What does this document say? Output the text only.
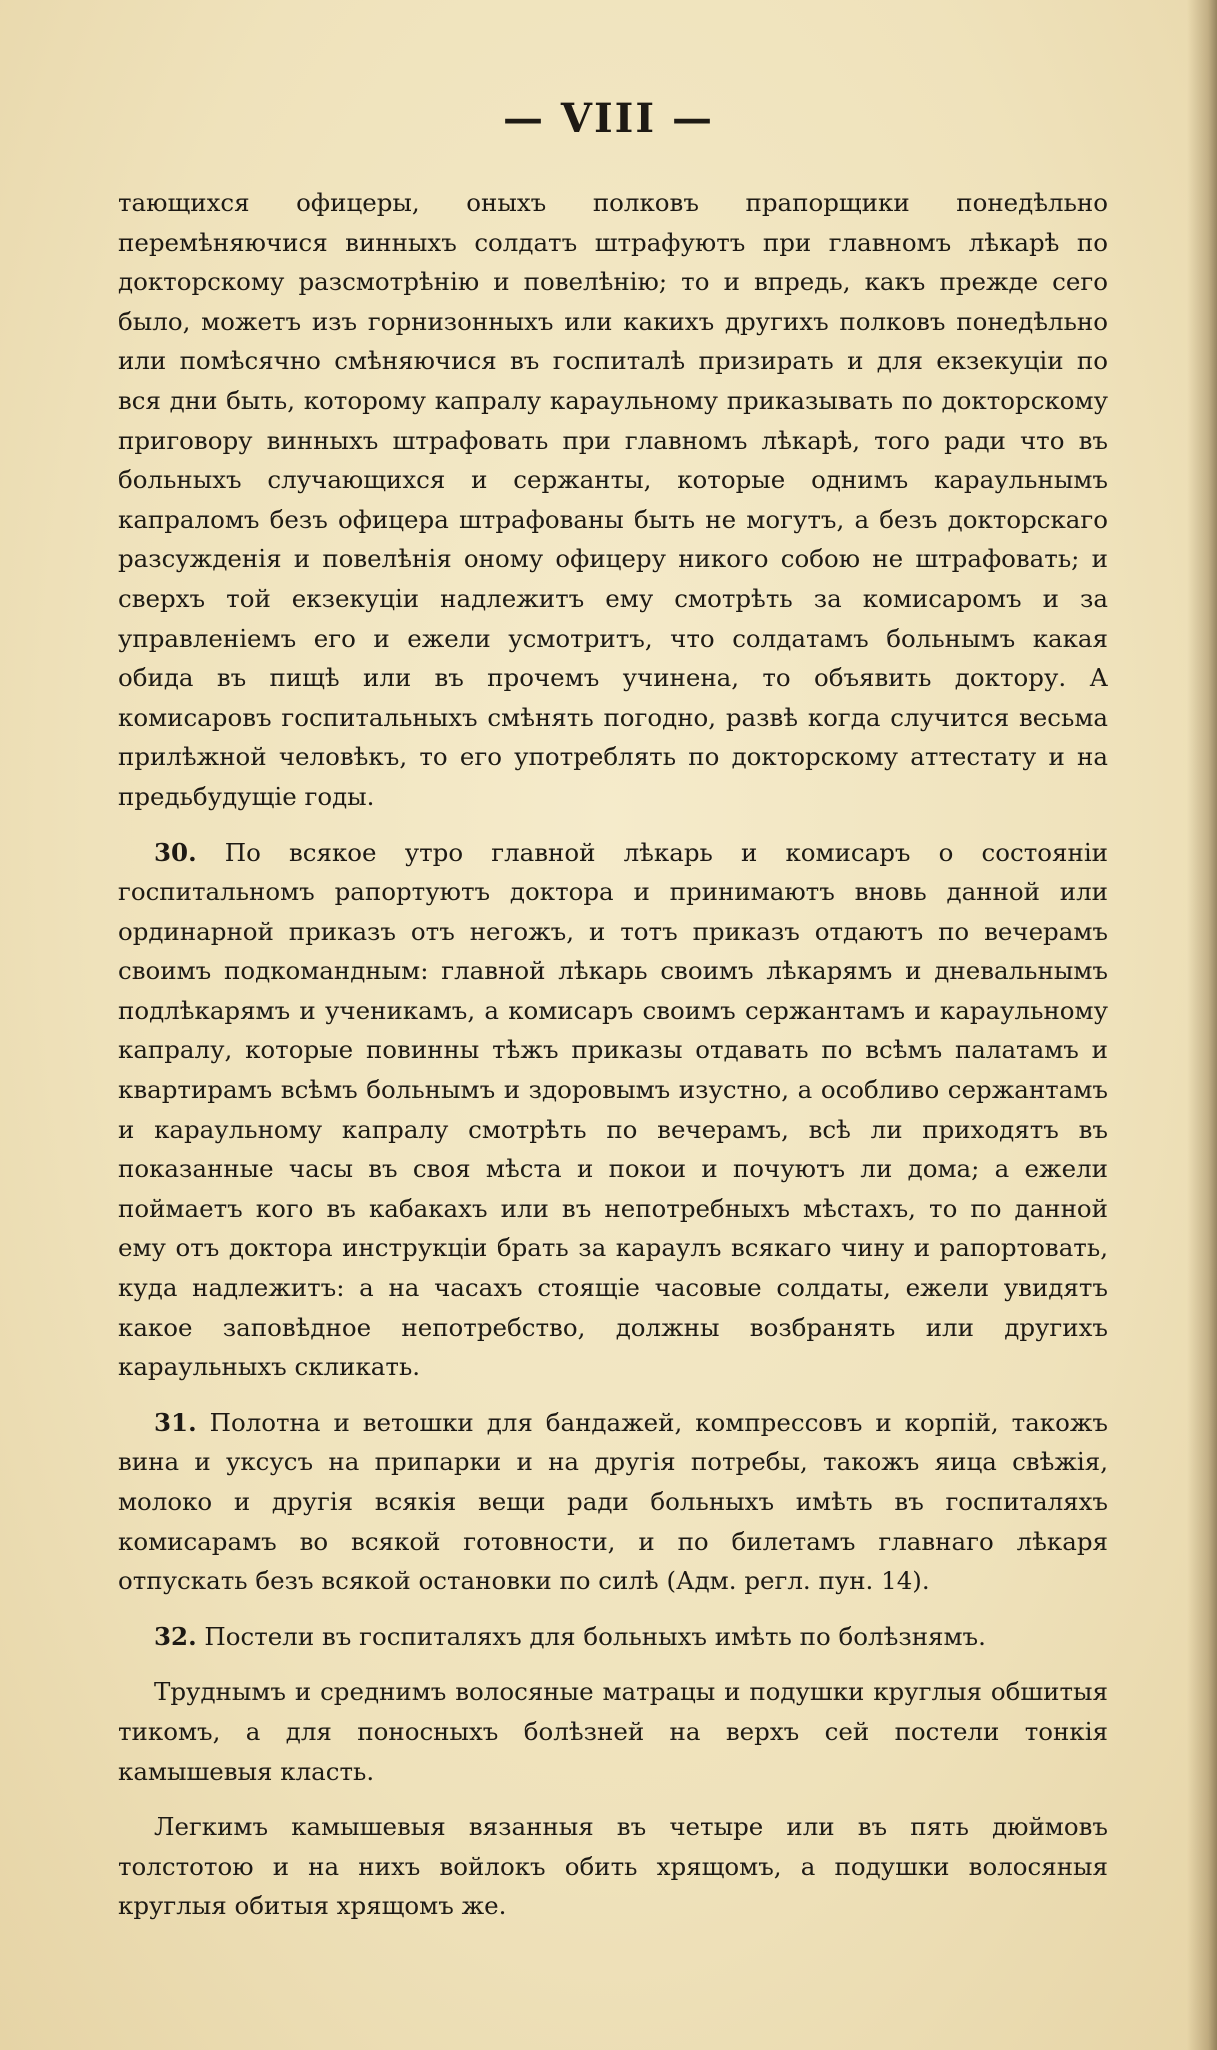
— VIII —

тающихся офицеры, оныхъ полковъ прапорщики понедѣльно перемѣняючися винныхъ солдатъ штрафуютъ при главномъ лѣкарѣ по докторскому разсмотрѣнію и повелѣнію; то и впредь, какъ прежде сего было, можетъ изъ горнизонныхъ или какихъ другихъ полковъ понедѣльно или помѣсячно смѣняючися въ госпиталѣ призирать и для екзекуціи по вся дни быть, которому капралу караульному приказывать по докторскому приговору винныхъ штрафовать при главномъ лѣкарѣ, того ради что въ больныхъ случающихся и сержанты, которые однимъ караульнымъ капраломъ безъ офицера штрафованы быть не могутъ, а безъ докторскаго разсужденія и повелѣнія оному офицеру никого собою не штрафовать; и сверхъ той екзекуціи надлежитъ ему смотрѣть за комисаромъ и за управленіемъ его и ежели усмотритъ, что солдатамъ больнымъ какая обида въ пищѣ или въ прочемъ учинена, то объявить доктору. А комисаровъ госпитальныхъ смѣнять погодно, развѣ когда случится весьма прилѣжной человѣкъ, то его употреблять по докторскому аттестату и на предьбудущіе годы.

30. По всякое утро главной лѣкарь и комисаръ о состояніи госпитальномъ рапортуютъ доктора и принимаютъ вновь данной или ординарной приказъ отъ негожъ, и тотъ приказъ отдаютъ по вечерамъ своимъ подкомандным: главной лѣкарь своимъ лѣкарямъ и дневальнымъ подлѣкарямъ и ученикамъ, а комисаръ своимъ сержантамъ и караульному капралу, которые повинны тѣжъ приказы отдавать по всѣмъ палатамъ и квартирамъ всѣмъ больнымъ и здоровымъ изустно, а особливо сержантамъ и караульному капралу смотрѣть по вечерамъ, всѣ ли приходятъ въ показанные часы въ своя мѣста и покои и почуютъ ли дома; а ежели поймаетъ кого въ кабакахъ или въ непотребныхъ мѣстахъ, то по данной ему отъ доктора инструкціи брать за караулъ всякаго чину и рапортовать, куда надлежитъ: а на часахъ стоящіе часовые солдаты, ежели увидятъ какое заповѣдное непотребство, должны возбранять или другихъ караульныхъ скликать.

31. Полотна и ветошки для бандажей, компрессовъ и корпій, такожъ вина и уксусъ на припарки и на другія потребы, такожъ яица свѣжія, молоко и другія всякія вещи ради больныхъ имѣть въ госпиталяхъ комисарамъ во всякой готовности, и по билетамъ главнаго лѣкаря отпускать безъ всякой остановки по силѣ (Адм. регл. пун. 14).

32. Постели въ госпиталяхъ для больныхъ имѣть по болѣзнямъ.

Труднымъ и среднимъ волосяные матрацы и подушки круглыя обшитыя тикомъ, а для поносныхъ болѣзней на верхъ сей постели тонкія камышевыя класть.

Легкимъ камышевыя вязанныя въ четыре или въ пять дюймовъ толстотою и на нихъ войлокъ обить хрящомъ, а подушки волосяныя круглыя обитыя хрящомъ же.
